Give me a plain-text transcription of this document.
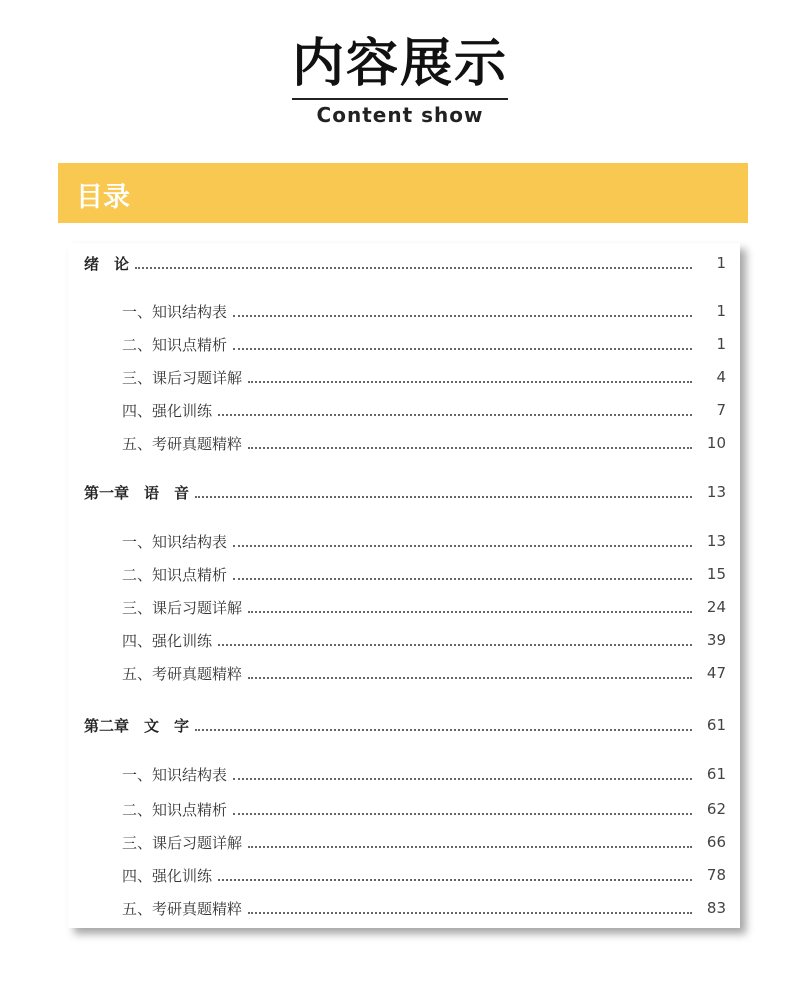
内容展示
Content show
目录
绪　论	1
一、知识结构表	1
二、知识点精析	1
三、课后习题详解	4
四、强化训练	7
五、考研真题精粹	10
第一章　语　音	13
一、知识结构表	13
二、知识点精析	15
三、课后习题详解	24
四、强化训练	39
五、考研真题精粹	47
第二章　文　字	61
一、知识结构表	61
二、知识点精析	62
三、课后习题详解	66
四、强化训练	78
五、考研真题精粹	83
